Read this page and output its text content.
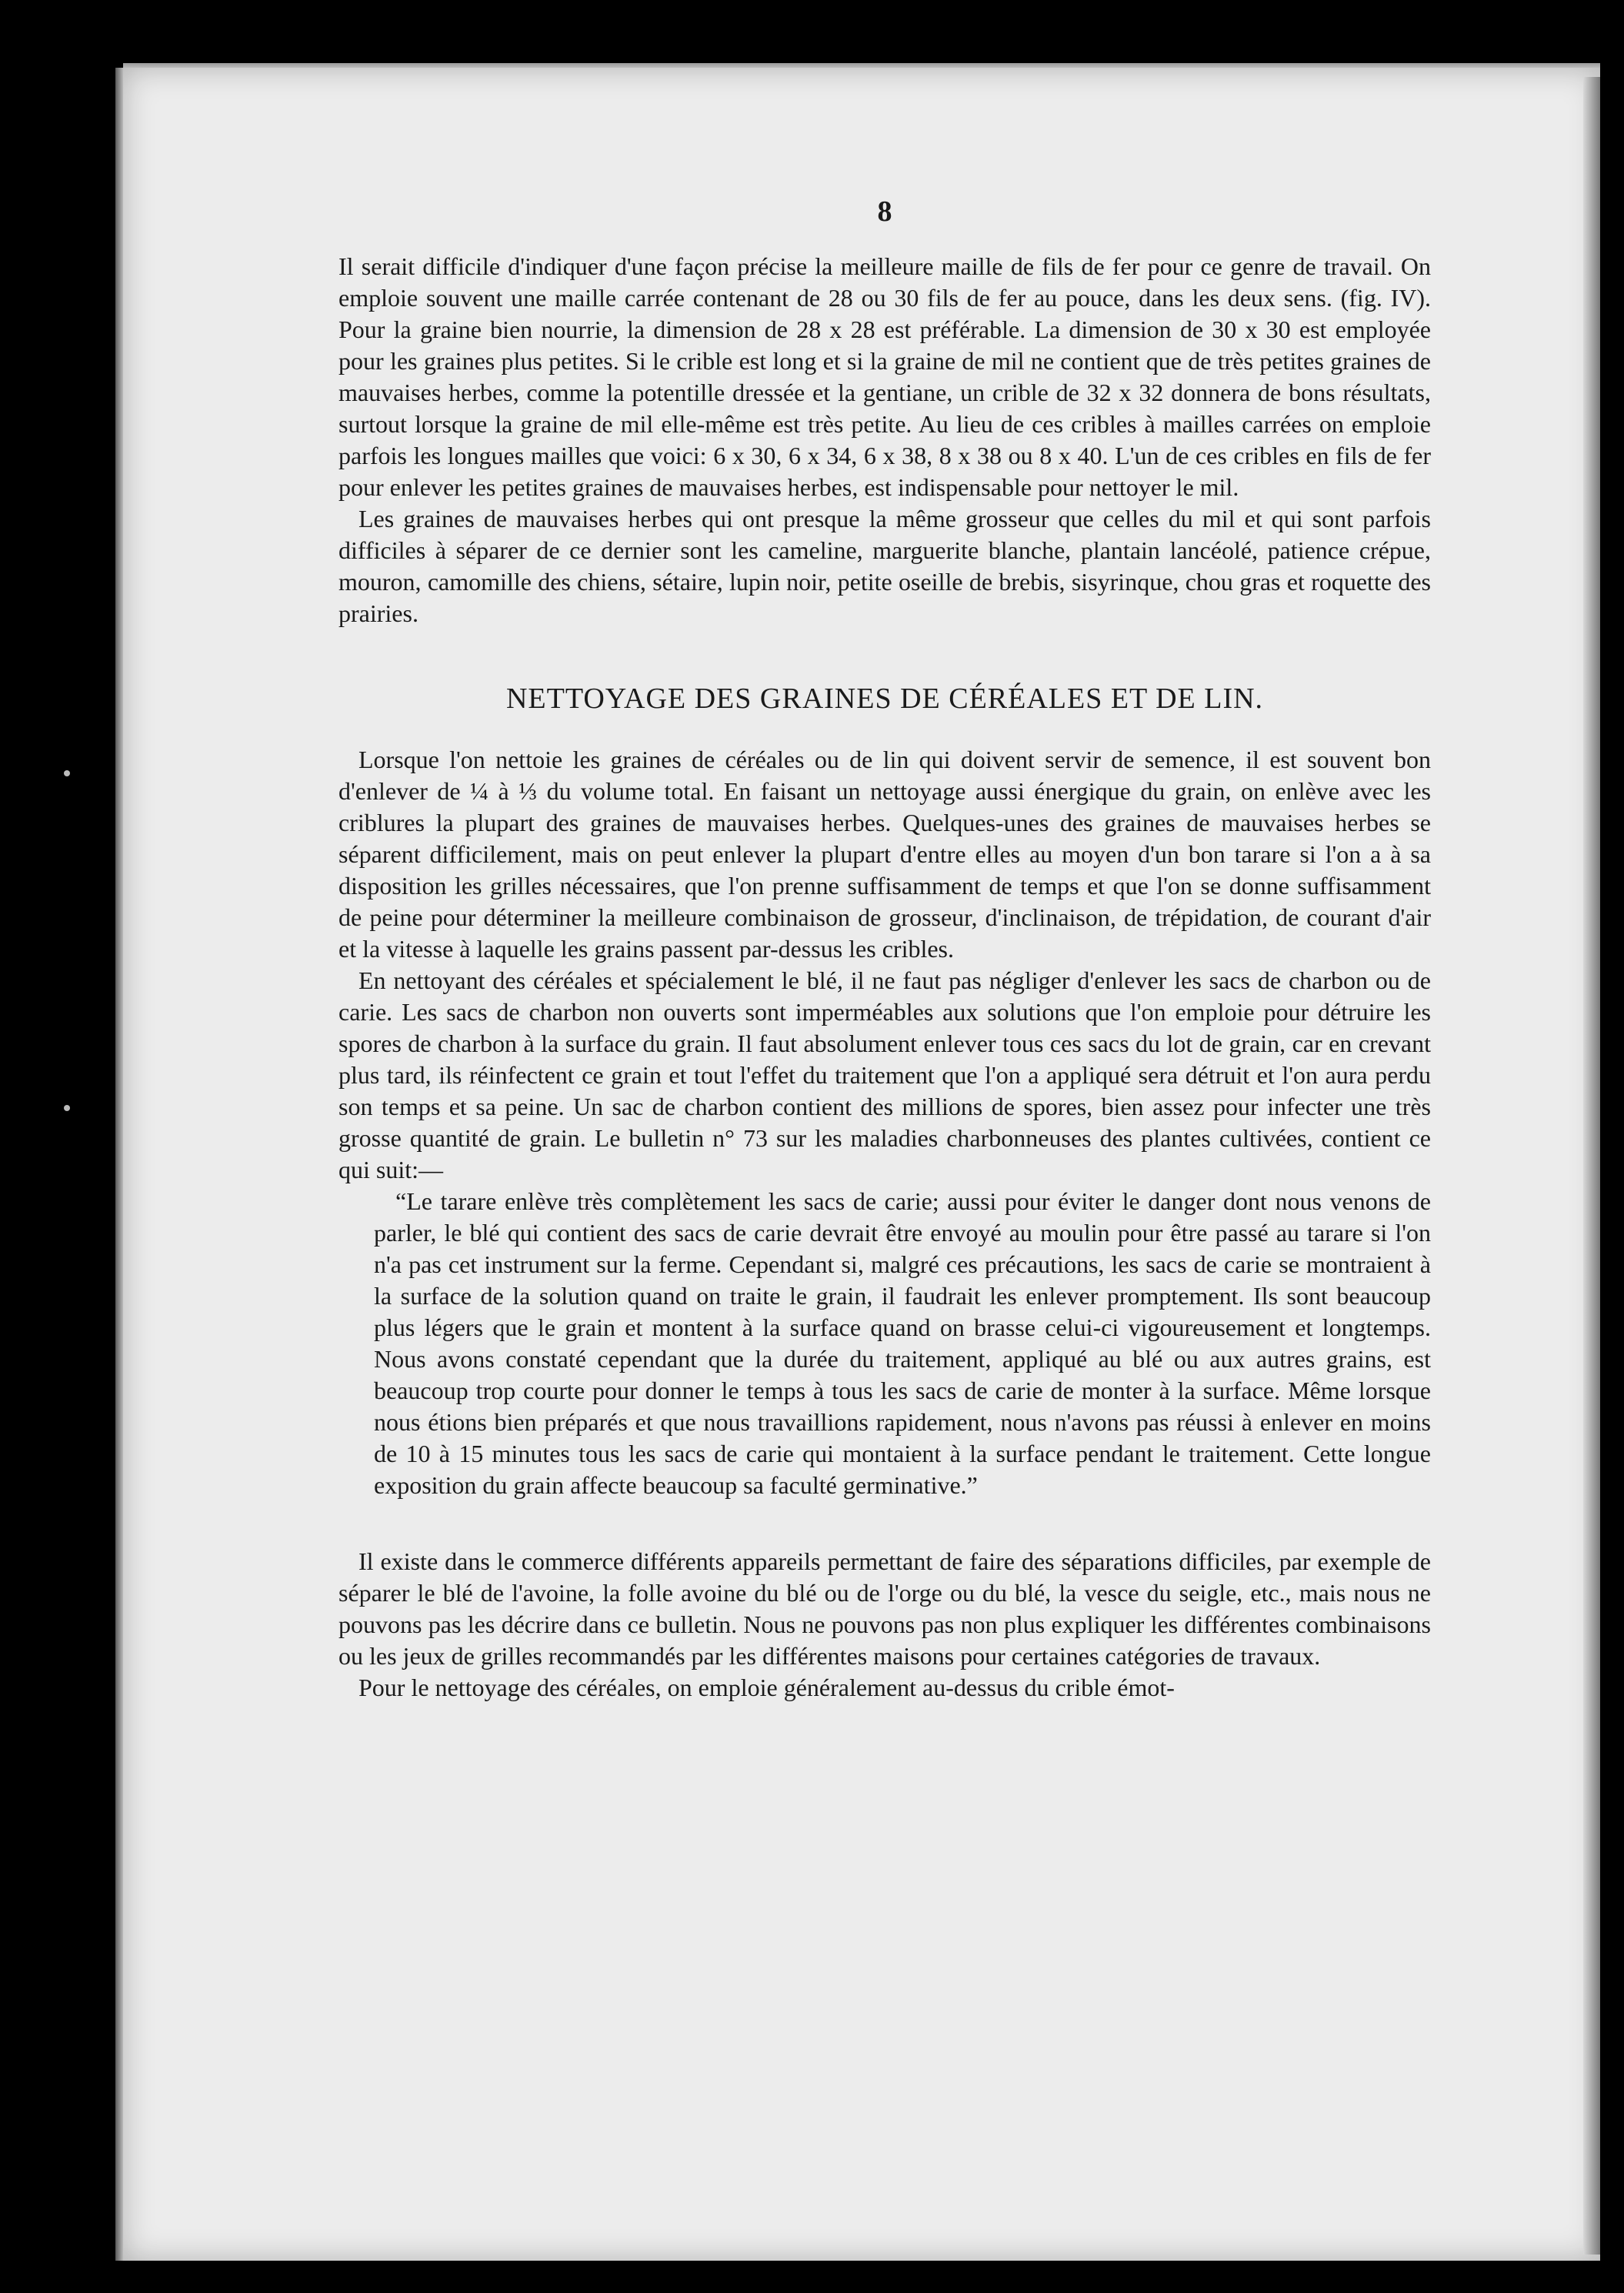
8

Il serait difficile d'indiquer d'une façon précise la meilleure maille de fils de fer pour ce genre de travail. On emploie souvent une maille carrée contenant de 28 ou 30 fils de fer au pouce, dans les deux sens. (fig. IV). Pour la graine bien nourrie, la dimension de 28 x 28 est préférable. La dimension de 30 x 30 est employée pour les graines plus petites. Si le crible est long et si la graine de mil ne contient que de très petites graines de mauvaises herbes, comme la potentille dressée et la gentiane, un crible de 32 x 32 donnera de bons résultats, surtout lorsque la graine de mil elle-même est très petite. Au lieu de ces cribles à mailles carrées on emploie parfois les longues mailles que voici: 6 x 30, 6 x 34, 6 x 38, 8 x 38 ou 8 x 40. L'un de ces cribles en fils de fer pour enlever les petites graines de mauvaises herbes, est indispensable pour nettoyer le mil.

Les graines de mauvaises herbes qui ont presque la même grosseur que celles du mil et qui sont parfois difficiles à séparer de ce dernier sont les cameline, marguerite blanche, plantain lancéolé, patience crépue, mouron, camomille des chiens, sétaire, lupin noir, petite oseille de brebis, sisyrinque, chou gras et roquette des prairies.

NETTOYAGE DES GRAINES DE CÉRÉALES ET DE LIN.

Lorsque l'on nettoie les graines de céréales ou de lin qui doivent servir de semence, il est souvent bon d'enlever de ¼ à ⅓ du volume total. En faisant un nettoyage aussi énergique du grain, on enlève avec les criblures la plupart des graines de mauvaises herbes. Quelques-unes des graines de mauvaises herbes se séparent difficilement, mais on peut enlever la plupart d'entre elles au moyen d'un bon tarare si l'on a à sa disposition les grilles nécessaires, que l'on prenne suffisamment de temps et que l'on se donne suffisamment de peine pour déterminer la meilleure combinaison de grosseur, d'inclinaison, de trépidation, de courant d'air et la vitesse à laquelle les grains passent par-dessus les cribles.

En nettoyant des céréales et spécialement le blé, il ne faut pas négliger d'enlever les sacs de charbon ou de carie. Les sacs de charbon non ouverts sont imperméables aux solutions que l'on emploie pour détruire les spores de charbon à la surface du grain. Il faut absolument enlever tous ces sacs du lot de grain, car en crevant plus tard, ils réinfectent ce grain et tout l'effet du traitement que l'on a appliqué sera détruit et l'on aura perdu son temps et sa peine. Un sac de charbon contient des millions de spores, bien assez pour infecter une très grosse quantité de grain. Le bulletin n° 73 sur les maladies charbonneuses des plantes cultivées, contient ce qui suit:—

“Le tarare enlève très complètement les sacs de carie; aussi pour éviter le danger dont nous venons de parler, le blé qui contient des sacs de carie devrait être envoyé au moulin pour être passé au tarare si l'on n'a pas cet instrument sur la ferme. Cependant si, malgré ces précautions, les sacs de carie se montraient à la surface de la solution quand on traite le grain, il faudrait les enlever promptement. Ils sont beaucoup plus légers que le grain et montent à la surface quand on brasse celui-ci vigoureusement et longtemps. Nous avons constaté cependant que la durée du traitement, appliqué au blé ou aux autres grains, est beaucoup trop courte pour donner le temps à tous les sacs de carie de monter à la surface. Même lorsque nous étions bien préparés et que nous travaillions rapidement, nous n'avons pas réussi à enlever en moins de 10 à 15 minutes tous les sacs de carie qui montaient à la surface pendant le traitement. Cette longue exposition du grain affecte beaucoup sa faculté germinative.”

Il existe dans le commerce différents appareils permettant de faire des séparations difficiles, par exemple de séparer le blé de l'avoine, la folle avoine du blé ou de l'orge ou du blé, la vesce du seigle, etc., mais nous ne pouvons pas les décrire dans ce bulletin. Nous ne pouvons pas non plus expliquer les différentes combinaisons ou les jeux de grilles recommandés par les différentes maisons pour certaines catégories de travaux.

Pour le nettoyage des céréales, on emploie généralement au-dessus du crible émot-
